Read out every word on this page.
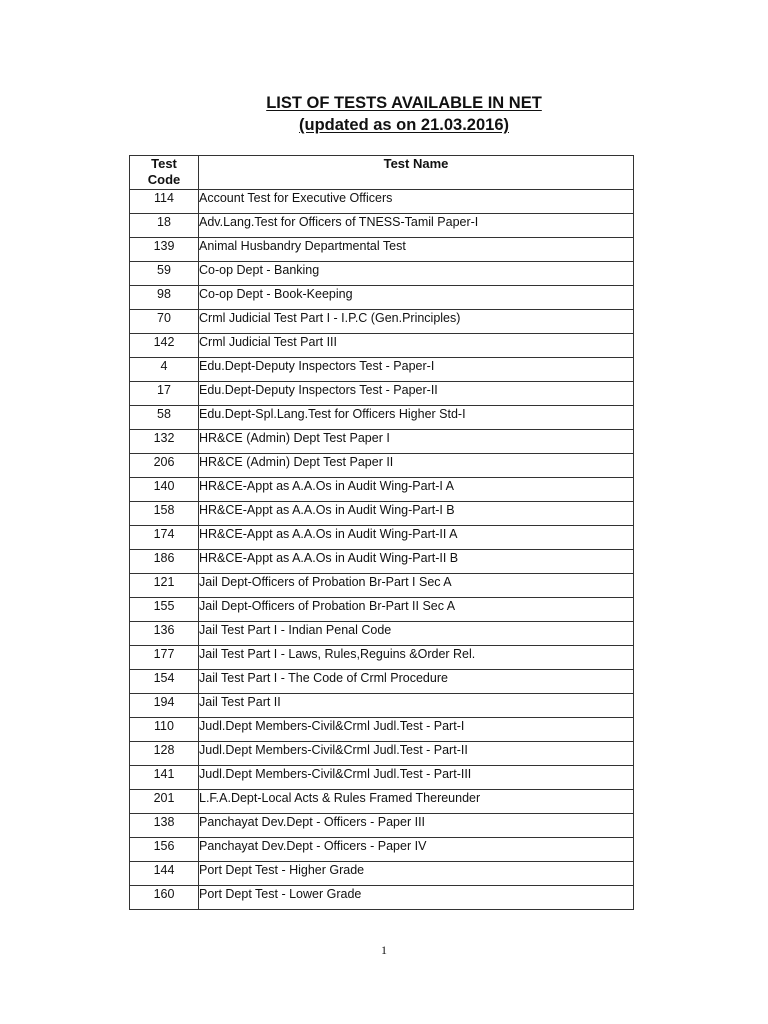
LIST OF TESTS AVAILABLE IN NET
(updated as on 21.03.2016)
Test
Code	Test Name
114	Account Test for Executive Officers
18	Adv.Lang.Test for Officers of TNESS-Tamil Paper-I
139	Animal Husbandry Departmental Test
59	Co-op Dept - Banking
98	Co-op Dept - Book-Keeping
70	Crml Judicial Test Part I - I.P.C (Gen.Principles)
142	Crml Judicial Test Part III
4	Edu.Dept-Deputy Inspectors Test - Paper-I
17	Edu.Dept-Deputy Inspectors Test - Paper-II
58	Edu.Dept-Spl.Lang.Test for Officers Higher Std-I
132	HR&CE (Admin) Dept Test Paper I
206	HR&CE (Admin) Dept Test Paper II
140	HR&CE-Appt as A.A.Os in Audit Wing-Part-I A
158	HR&CE-Appt as A.A.Os in Audit Wing-Part-I B
174	HR&CE-Appt as A.A.Os in Audit Wing-Part-II A
186	HR&CE-Appt as A.A.Os in Audit Wing-Part-II B
121	Jail Dept-Officers of Probation Br-Part I Sec A
155	Jail Dept-Officers of Probation Br-Part II Sec A
136	Jail Test Part I - Indian Penal Code
177	Jail Test Part I - Laws, Rules,Reguins &Order Rel.
154	Jail Test Part I - The Code of Crml Procedure
194	Jail Test Part II
110	Judl.Dept Members-Civil&Crml Judl.Test - Part-I
128	Judl.Dept Members-Civil&Crml Judl.Test - Part-II
141	Judl.Dept Members-Civil&Crml Judl.Test - Part-III
201	L.F.A.Dept-Local Acts & Rules Framed Thereunder
138	Panchayat Dev.Dept - Officers - Paper III
156	Panchayat Dev.Dept - Officers - Paper IV
144	Port Dept Test - Higher Grade
160	Port Dept Test - Lower Grade
1
